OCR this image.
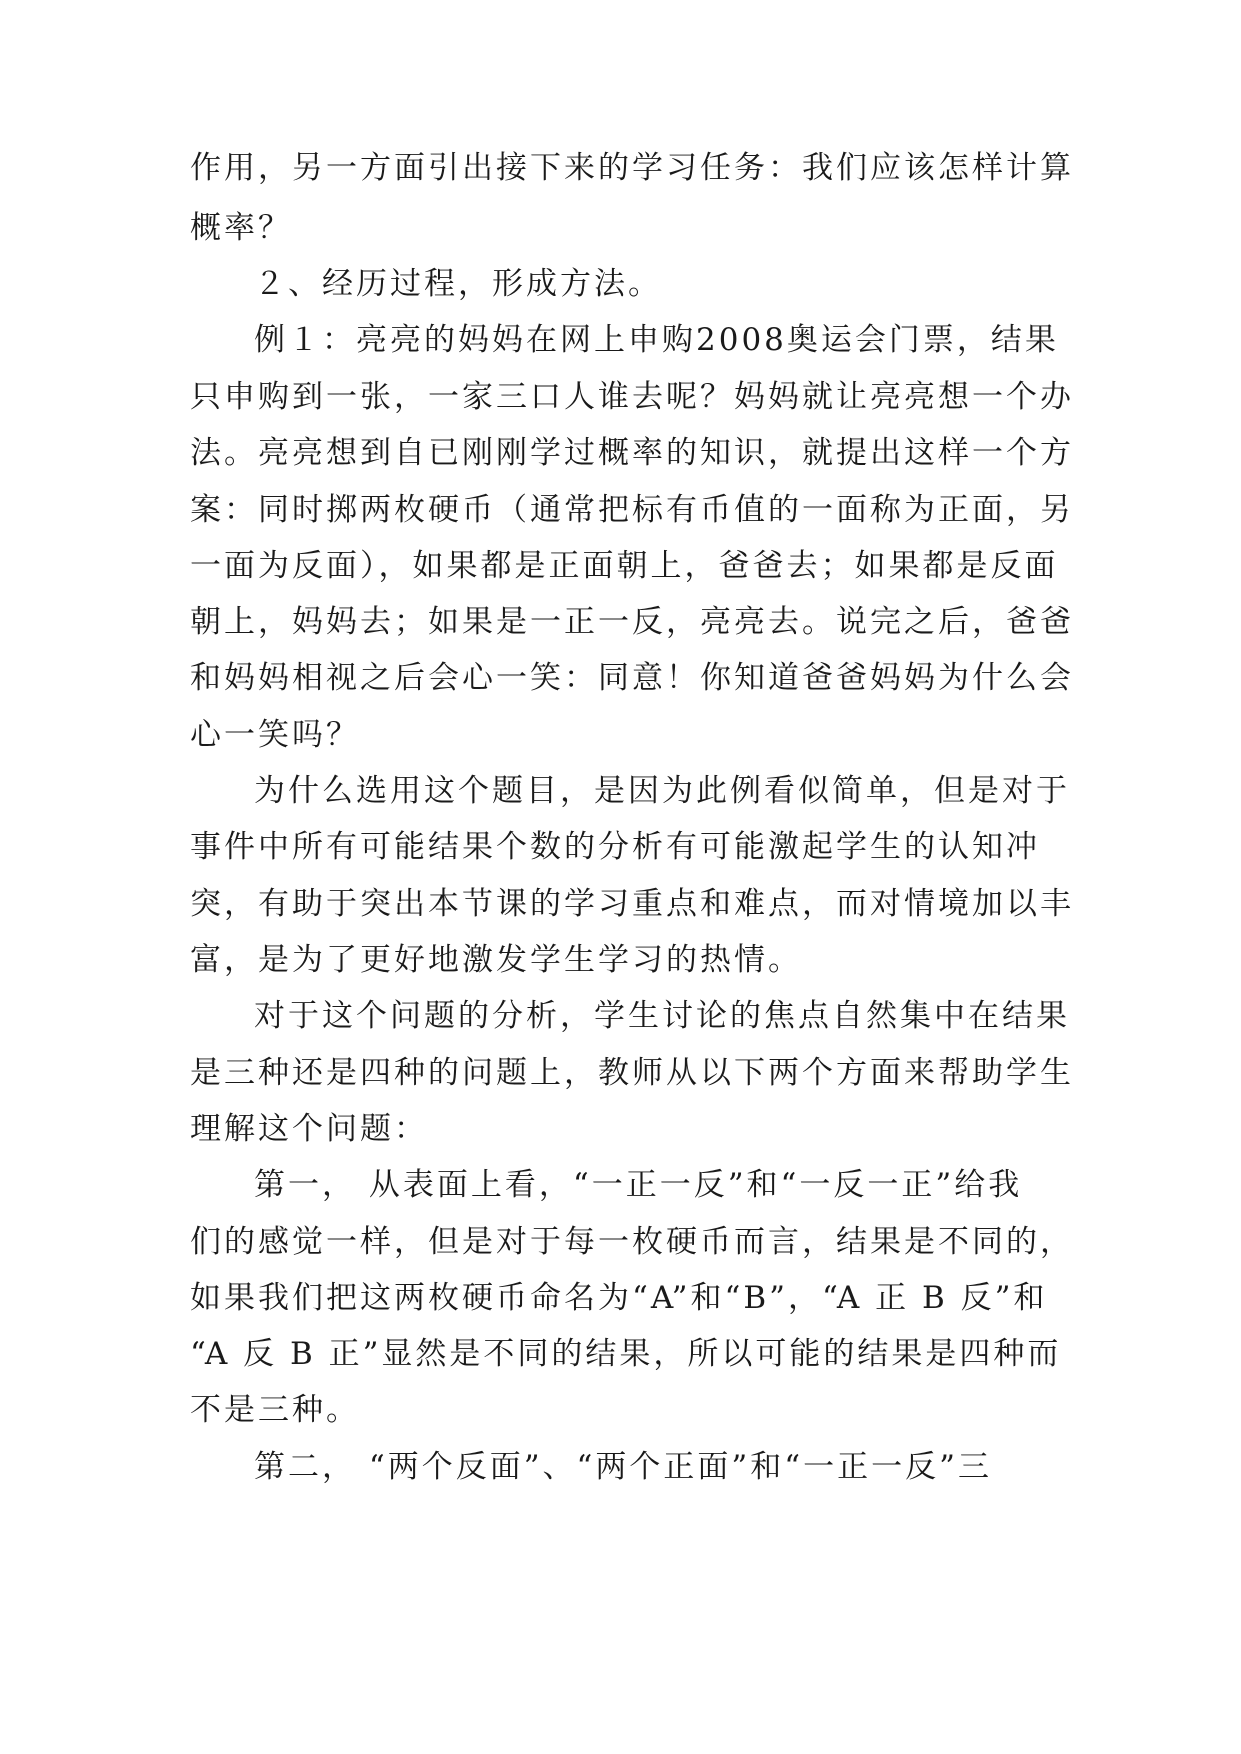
作用，另一方面引出接下来的学习任务：我们应该怎样计算
概率？
２、经历过程，形成方法。
例１：亮亮的妈妈在网上申购2008奥运会门票，结果
只申购到一张，一家三口人谁去呢？妈妈就让亮亮想一个办
法。亮亮想到自已刚刚学过概率的知识，就提出这样一个方
案：同时掷两枚硬币（通常把标有币值的一面称为正面，另
一面为反面），如果都是正面朝上，爸爸去；如果都是反面
朝上，妈妈去；如果是一正一反，亮亮去。说完之后，爸爸
和妈妈相视之后会心一笑：同意！你知道爸爸妈妈为什么会
心一笑吗？
为什么选用这个题目，是因为此例看似简单，但是对于
事件中所有可能结果个数的分析有可能激起学生的认知冲
突，有助于突出本节课的学习重点和难点，而对情境加以丰
富，是为了更好地激发学生学习的热情。
对于这个问题的分析，学生讨论的焦点自然集中在结果
是三种还是四种的问题上，教师从以下两个方面来帮助学生
理解这个问题：
第一， 从表面上看，“一正一反”和“一反一正”给我
们的感觉一样，但是对于每一枚硬币而言，结果是不同的，
如果我们把这两枚硬币命名为“A”和“B”，“A 正 B 反”和
“A 反 B 正”显然是不同的结果，所以可能的结果是四种而
不是三种。
第二， “两个反面”、“两个正面”和“一正一反”三
